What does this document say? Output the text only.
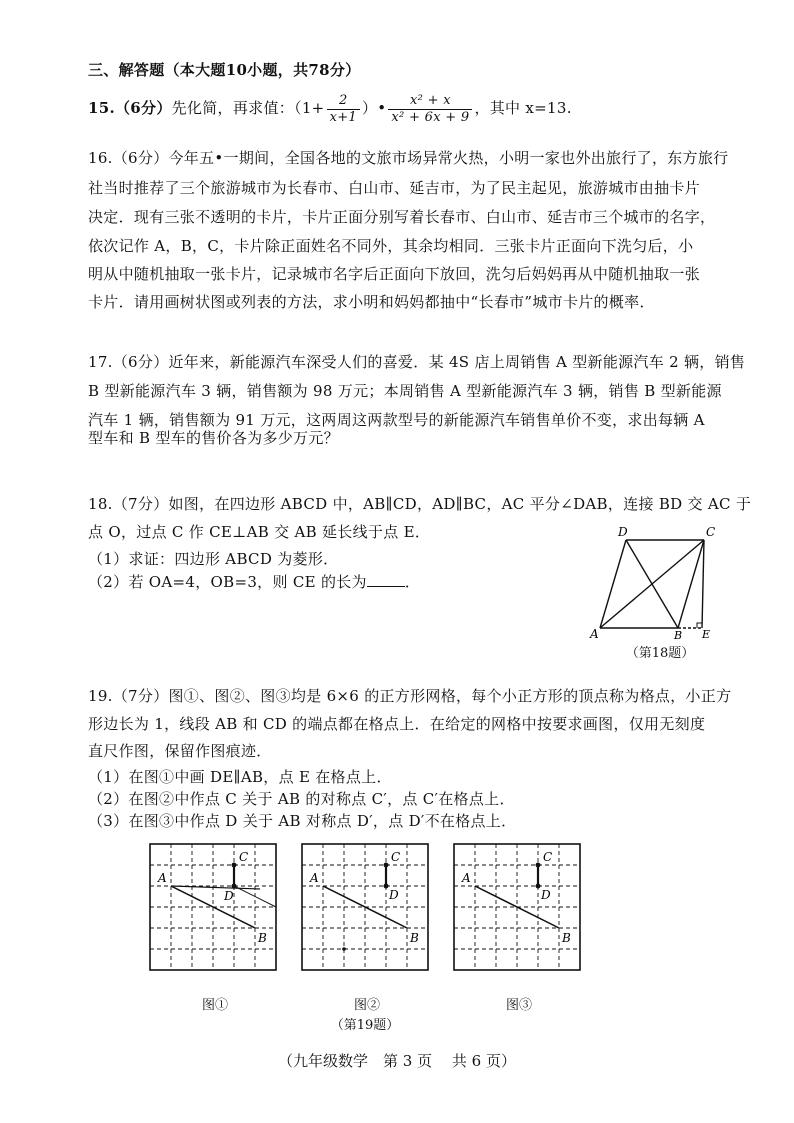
三、解答题（本大题10小题，共78分）
15.（6分）先化简，再求值：（$1+ \frac{2}{x+1}$ ）• $\frac{\text{x² + x}}{\text{x² + 6x + 9}}$ ，其中 x=13.
16.（6分）今年五•一期间，全国各地的文旅市场异常火热，小明一家也外出旅行了，东方旅行
社当时推荐了三个旅游城市为长春市、白山市、延吉市，为了民主起见，旅游城市由抽卡片
决定．现有三张不透明的卡片，卡片正面分别写着长春市、白山市、延吉市三个城市的名字，
依次记作 A，B，C，卡片除正面姓名不同外，其余均相同．三张卡片正面向下洗匀后，小
明从中随机抽取一张卡片，记录城市名字后正面向下放回，洗匀后妈妈再从中随机抽取一张
卡片．请用画树状图或列表的方法，求小明和妈妈都抽中“长春市”城市卡片的概率．
17.（6分）近年来，新能源汽车深受人们的喜爱．某 4S 店上周销售 A 型新能源汽车 2 辆，销售
B 型新能源汽车 3 辆，销售额为 98 万元；本周销售 A 型新能源汽车 3 辆，销售 B 型新能源
汽车 1 辆，销售额为 91 万元，这两周这两款型号的新能源汽车销售单价不变，求出每辆 A
型车和 B 型车的售价各为多少万元？
18.（7分）如图，在四边形 ABCD 中，AB∥CD，AD∥BC，AC 平分∠DAB，连接 BD 交 AC 于
点 O，过点 C 作 CE⊥AB 交 AB 延长线于点 E．
（1）求证：四边形 ABCD 为菱形．
（2）若 OA=4，OB=3，则 CE 的长为	．
D	C
A	B E
（第18题）
19.（7分）图①、图②、图③均是 6×6 的正方形网格，每个小正方形的顶点称为格点，小正方
形边长为 1，线段 AB 和 CD 的端点都在格点上．在给定的网格中按要求画图，仅用无刻度
直尺作图，保留作图痕迹．
（1）在图①中画 DE∥AB，点 E 在格点上．
（2）在图②中作点 C 关于 AB 的对称点 C′，点 C′在格点上．
（3）在图③中作点 D 关于 AB 对称点 D′，点 D′不在格点上．
A
B
C
D
A
B
C
D
A
B
C
D
图①	图②	图③
（第19题）
（九年级数学　第 3 页　 共 6 页）
